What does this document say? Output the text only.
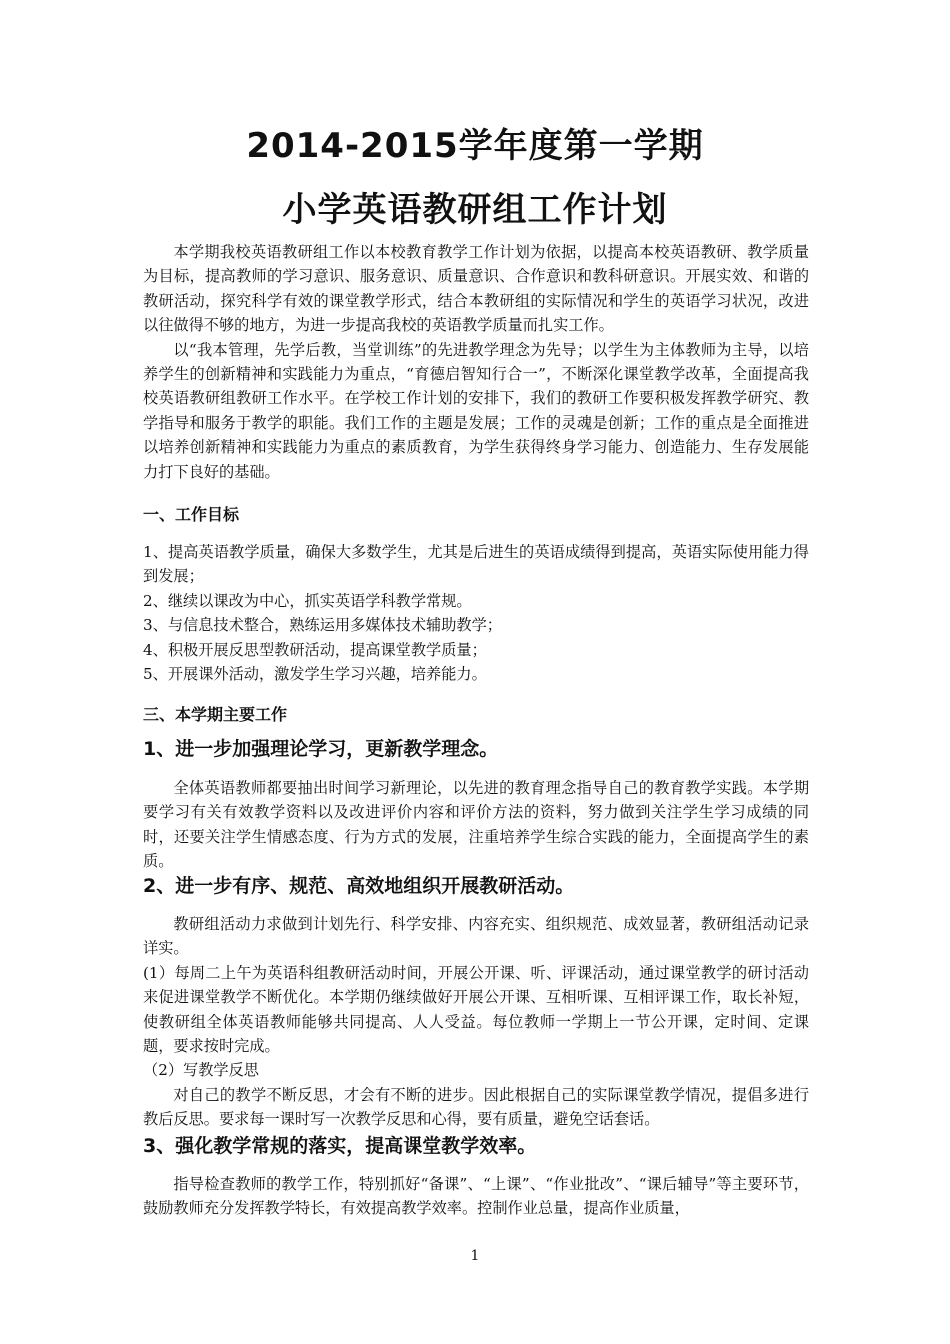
2014-2015学年度第一学期
小学英语教研组工作计划

本学期我校英语教研组工作以本校教育教学工作计划为依据，以提高本校英语教研、教学质量为目标，提高教师的学习意识、服务意识、质量意识、合作意识和教科研意识。开展实效、和谐的教研活动，探究科学有效的课堂教学形式，结合本教研组的实际情况和学生的英语学习状况，改进以往做得不够的地方，为进一步提高我校的英语教学质量而扎实工作。

以“我本管理，先学后教，当堂训练”的先进教学理念为先导；以学生为主体教师为主导，以培养学生的创新精神和实践能力为重点，“育德启智知行合一”，不断深化课堂教学改革，全面提高我校英语教研组教研工作水平。在学校工作计划的安排下，我们的教研工作要积极发挥教学研究、教学指导和服务于教学的职能。我们工作的主题是发展；工作的灵魂是创新；工作的重点是全面推进以培养创新精神和实践能力为重点的素质教育，为学生获得终身学习能力、创造能力、生存发展能力打下良好的基础。

一、工作目标

1、提高英语教学质量，确保大多数学生，尤其是后进生的英语成绩得到提高，英语实际使用能力得到发展；

2、继续以课改为中心，抓实英语学科教学常规。

3、与信息技术整合，熟练运用多媒体技术辅助教学；

4、积极开展反思型教研活动，提高课堂教学质量；

5、开展课外活动，激发学生学习兴趣，培养能力。

三、本学期主要工作

1、进一步加强理论学习，更新教学理念。

全体英语教师都要抽出时间学习新理论，以先进的教育理念指导自己的教育教学实践。本学期要学习有关有效教学资料以及改进评价内容和评价方法的资料，努力做到关注学生学习成绩的同时，还要关注学生情感态度、行为方式的发展，注重培养学生综合实践的能力，全面提高学生的素质。

2、进一步有序、规范、高效地组织开展教研活动。

教研组活动力求做到计划先行、科学安排、内容充实、组织规范、成效显著，教研组活动记录详实。

(1）每周二上午为英语科组教研活动时间，开展公开课、听、评课活动，通过课堂教学的研讨活动来促进课堂教学不断优化。本学期仍继续做好开展公开课、互相听课、互相评课工作，取长补短，使教研组全体英语教师能够共同提高、人人受益。每位教师一学期上一节公开课，定时间、定课题，要求按时完成。

（2）写教学反思

对自己的教学不断反思，才会有不断的进步。因此根据自己的实际课堂教学情况，提倡多进行教后反思。要求每一课时写一次教学反思和心得，要有质量，避免空话套话。

3、强化教学常规的落实，提高课堂教学效率。

指导检查教师的教学工作，特别抓好“备课”、“上课”、“作业批改”、“课后辅导”等主要环节，鼓励教师充分发挥教学特长，有效提高教学效率。控制作业总量，提高作业质量，

1
